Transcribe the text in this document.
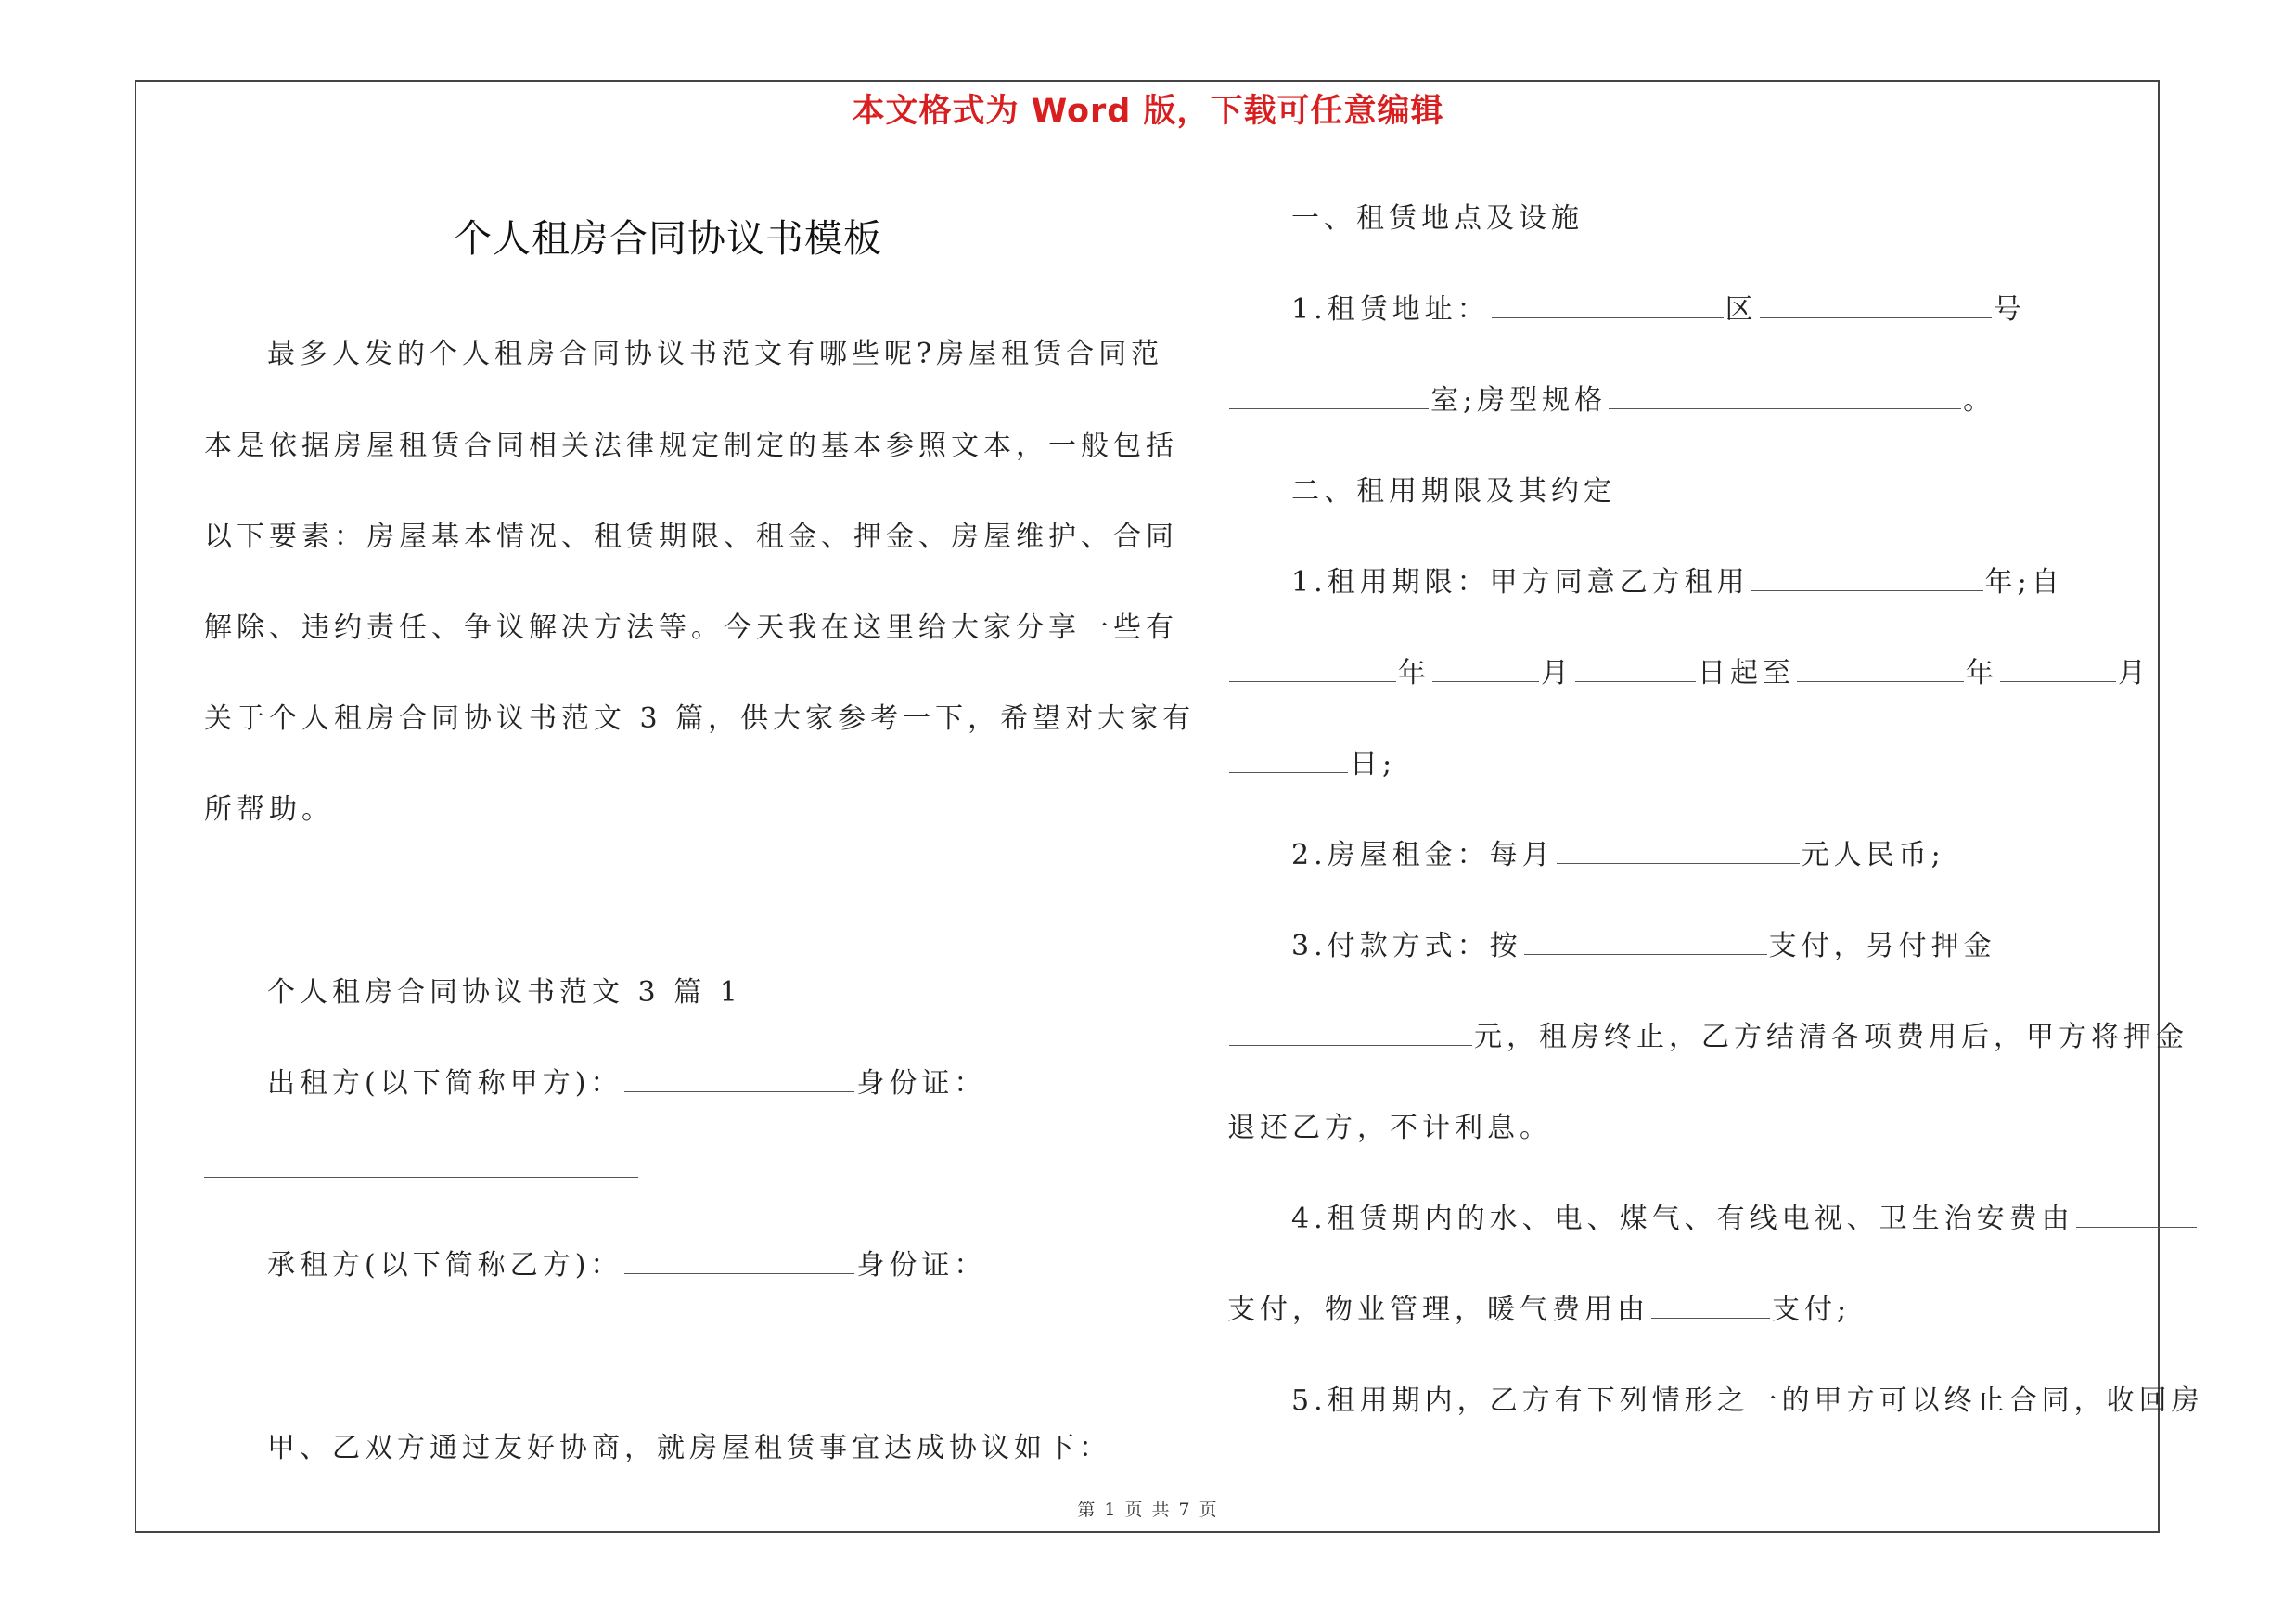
本文格式为 Word 版，下载可任意编辑
个人租房合同协议书模板
最多人发的个人租房合同协议书范文有哪些呢?房屋租赁合同范
本是依据房屋租赁合同相关法律规定制定的基本参照文本，一般包括
以下要素：房屋基本情况、租赁期限、租金、押金、房屋维护、合同
解除、违约责任、争议解决方法等。今天我在这里给大家分享一些有
关于个人租房合同协议书范文 3 篇，供大家参考一下，希望对大家有
所帮助。
个人租房合同协议书范文 3 篇 1
出租方(以下简称甲方)：	身份证：
承租方(以下简称乙方)：	身份证：
甲、乙双方通过友好协商，就房屋租赁事宜达成协议如下：
一、租赁地点及设施
1.租赁地址：	区	号
室;房型规格	。
二、租用期限及其约定
1.租用期限：甲方同意乙方租用	年;自
年	月	日起至	年	月
日;
2.房屋租金：每月	元人民币;
3.付款方式：按	支付，另付押金
元，租房终止，乙方结清各项费用后，甲方将押金
退还乙方，不计利息。
4.租赁期内的水、电、煤气、有线电视、卫生治安费由
支付，物业管理，暖气费用由	支付;
5.租用期内，乙方有下列情形之一的甲方可以终止合同，收回房
第 1 页 共 7 页
